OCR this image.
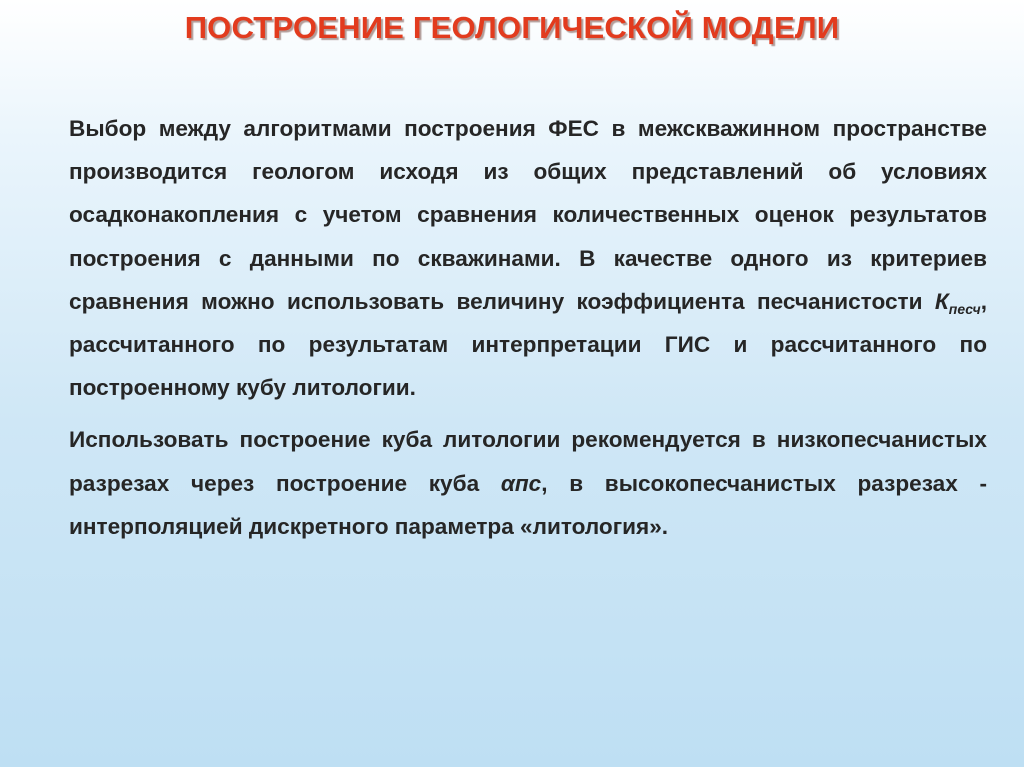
ПОСТРОЕНИЕ ГЕОЛОГИЧЕСКОЙ МОДЕЛИ

Выбор между алгоритмами построения ФЕС в межскважинном пространстве производится геологом исходя из общих представлений об условиях осадконакопления с учетом сравнения количественных оценок результатов построения с данными по скважинами. В качестве одного из критериев сравнения можно использовать величину коэффициента песчанистости $К_{песч}$, рассчитанного по результатам интерпретации ГИС и рассчитанного по построенному кубу литологии.

Использовать построение куба литологии рекомендуется в низкопесчанистых разрезах через построение куба αпс, в высокопесчанистых разрезах - интерполяцией дискретного параметра «литология».
